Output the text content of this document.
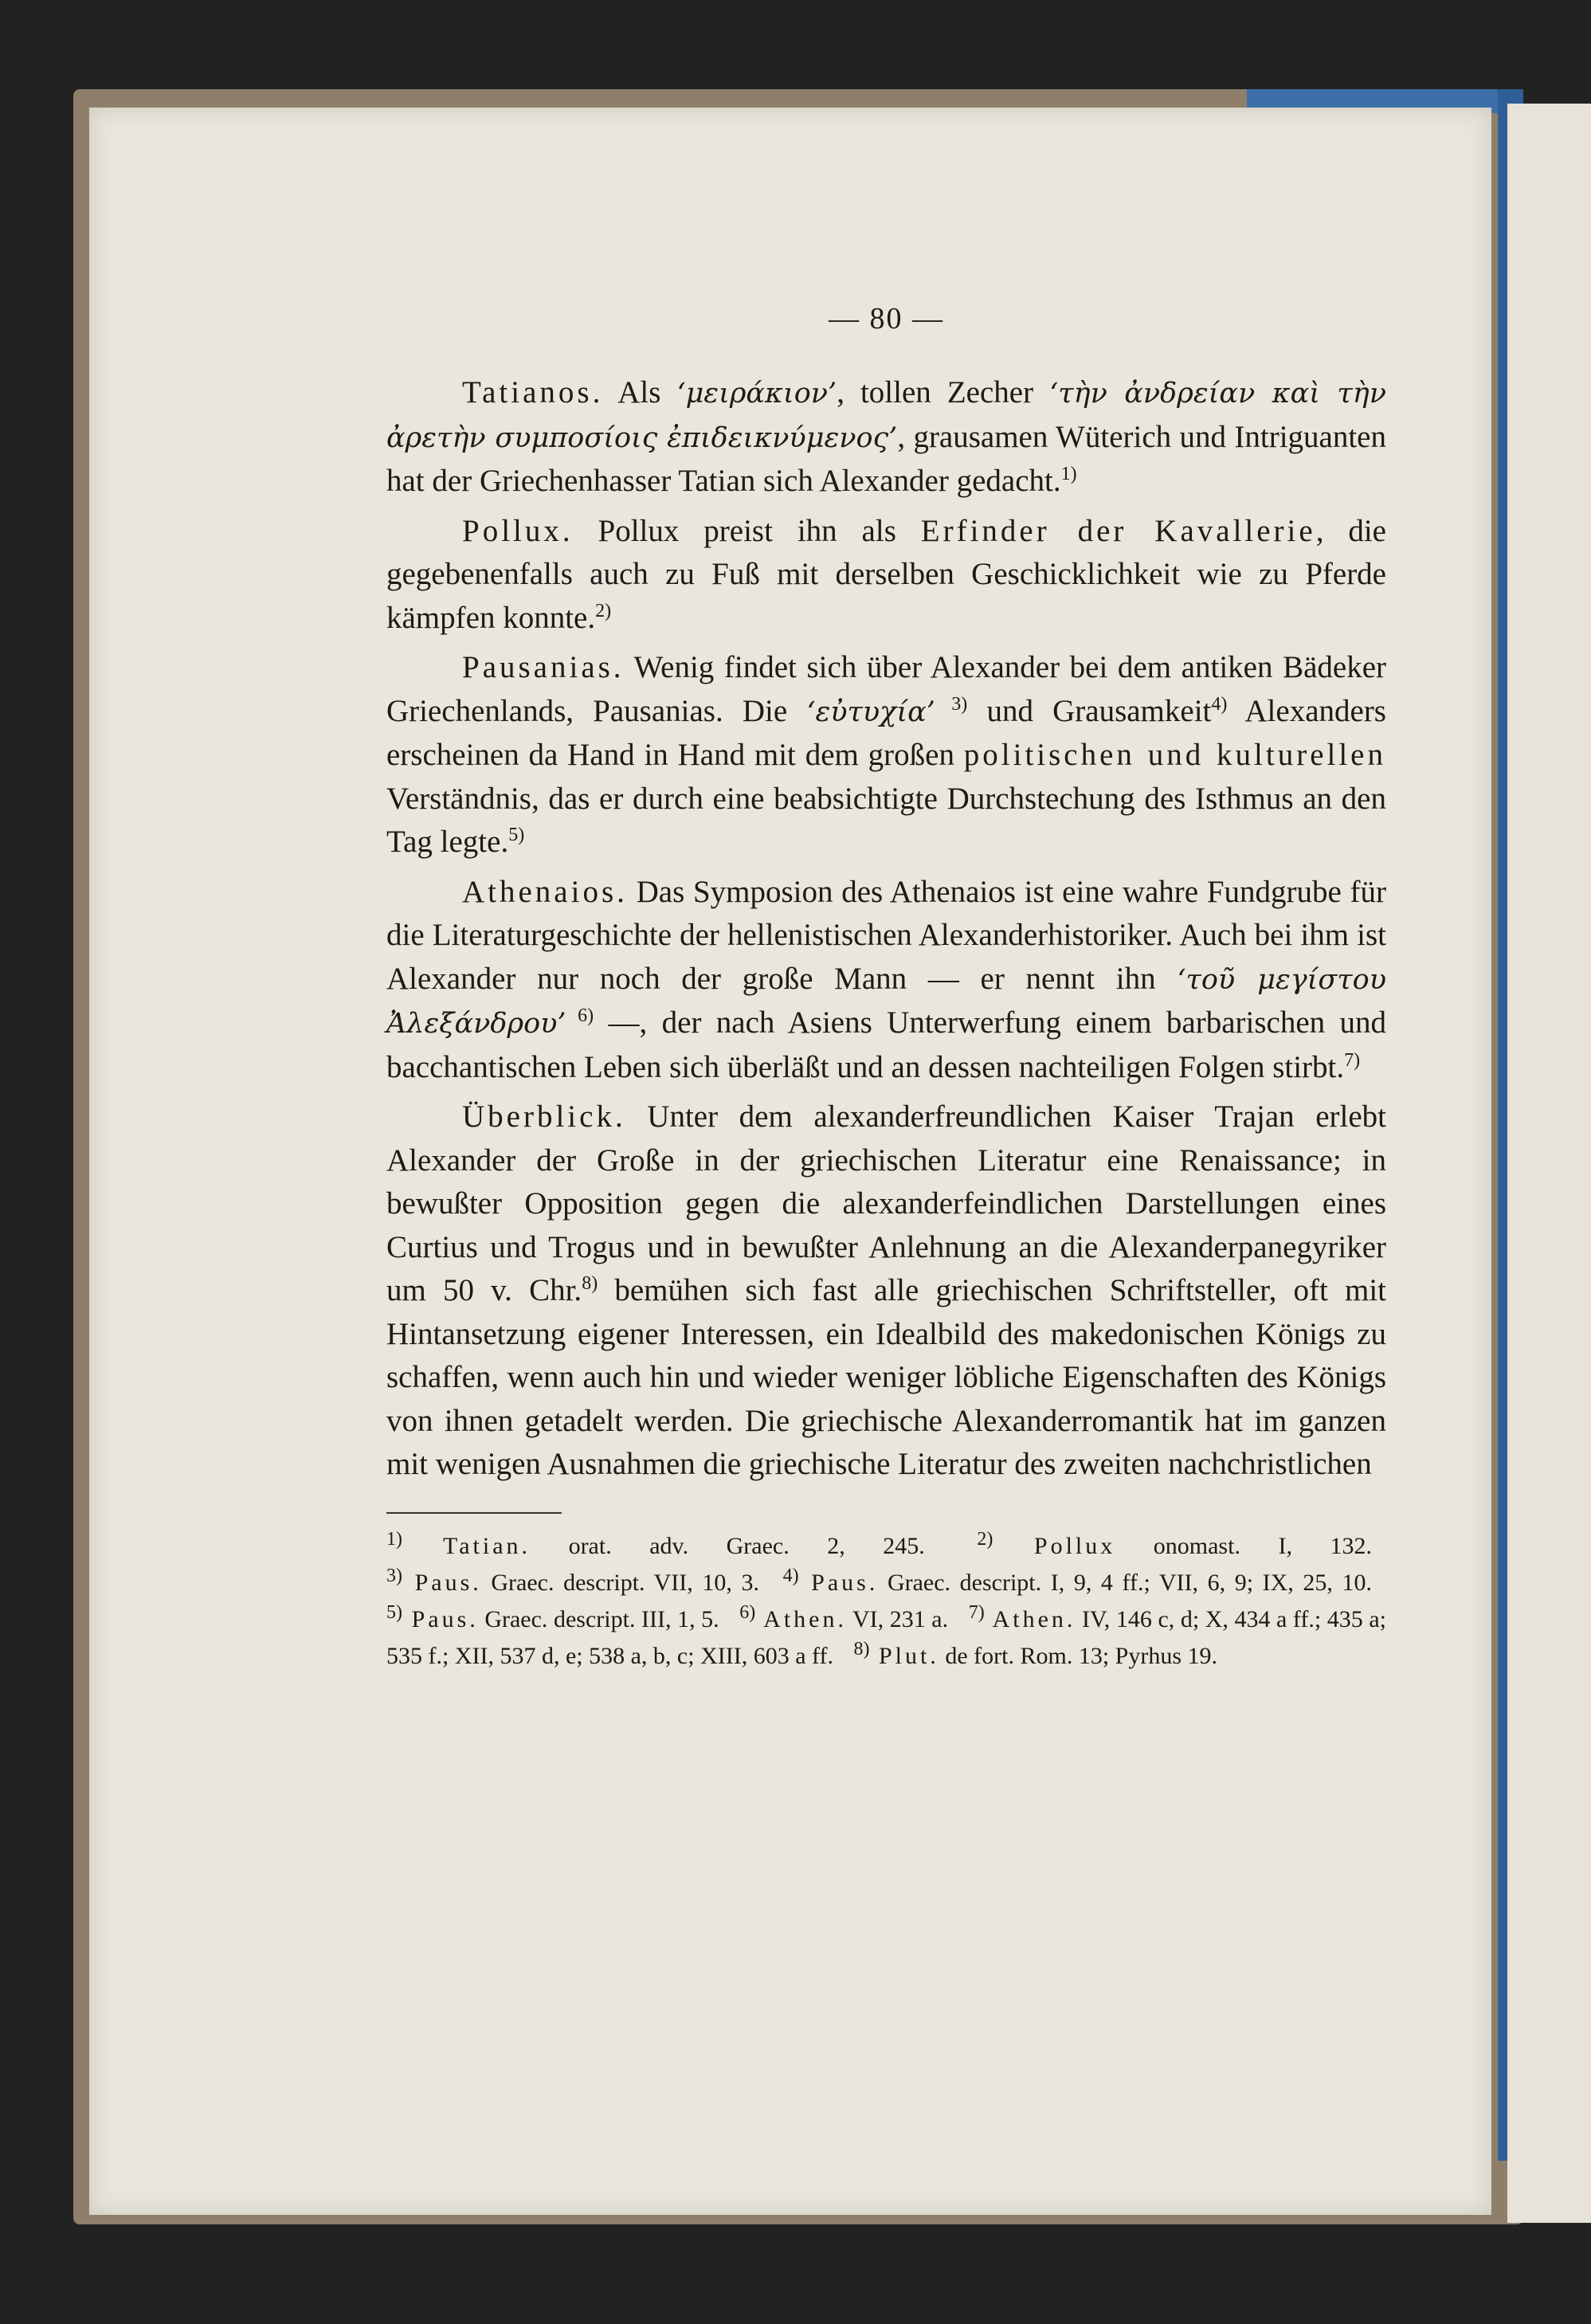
— 80 —

Tatianos. Als ‘μειράκιον’, tollen Zecher ‘τὴν ἀνδρείαν καὶ τὴν ἀρετὴν συμποσίοις ἐπιδεικνύμενος’, grausamen Wüterich und Intriguanten hat der Griechenhasser Tatian sich Alexander gedacht.$^{1)}$

Pollux. Pollux preist ihn als Erfinder der Kavallerie, die gegebenenfalls auch zu Fuß mit derselben Geschicklichkeit wie zu Pferde kämpfen konnte.$^{2)}$

Pausanias. Wenig findet sich über Alexander bei dem antiken Bädeker Griechenlands, Pausanias. Die ‘εὐτυχία’ $^{3)}$ und Grausamkeit$^{4)}$ Alexanders erscheinen da Hand in Hand mit dem großen politischen und kulturellen Verständnis, das er durch eine beabsichtigte Durchstechung des Isthmus an den Tag legte.$^{5)}$

Athenaios. Das Symposion des Athenaios ist eine wahre Fundgrube für die Literaturgeschichte der hellenistischen Alexanderhistoriker. Auch bei ihm ist Alexander nur noch der große Mann — er nennt ihn ‘τοῦ μεγίστου Ἀλεξάνδρου’ $^{6)}$ —, der nach Asiens Unterwerfung einem barbarischen und bacchantischen Leben sich überläßt und an dessen nachteiligen Folgen stirbt.$^{7)}$

Überblick. Unter dem alexanderfreundlichen Kaiser Trajan erlebt Alexander der Große in der griechischen Literatur eine Renaissance; in bewußter Opposition gegen die alexanderfeindlichen Darstellungen eines Curtius und Trogus und in bewußter Anlehnung an die Alexanderpanegyriker um 50 v. Chr.$^{8)}$ bemühen sich fast alle griechischen Schriftsteller, oft mit Hintansetzung eigener Interessen, ein Idealbild des makedonischen Königs zu schaffen, wenn auch hin und wieder weniger löbliche Eigenschaften des Königs von ihnen getadelt werden. Die griechische Alexanderromantik hat im ganzen mit wenigen Ausnahmen die griechische Literatur des zweiten nachchristlichen

$^{1)}$ Tatian. orat. adv. Graec. 2, 245.	$^{2)}$ Pollux onomast. I, 132. $^{3)}$ Paus. Graec. descript. VII, 10, 3. $^{4)}$ Paus. Graec. descript. I, 9, 4 ff.; VII, 6, 9; IX, 25, 10. $^{5)}$ Paus. Graec. descript. III, 1, 5. $^{6)}$ Athen. VI, 231 a. $^{7)}$ Athen. IV, 146 c, d; X, 434 a ff.; 435 a; 535 f.; XII, 537 d, e; 538 a, b, c; XIII, 603 a ff. $^{8)}$ Plut. de fort. Rom. 13; Pyrhus 19.
